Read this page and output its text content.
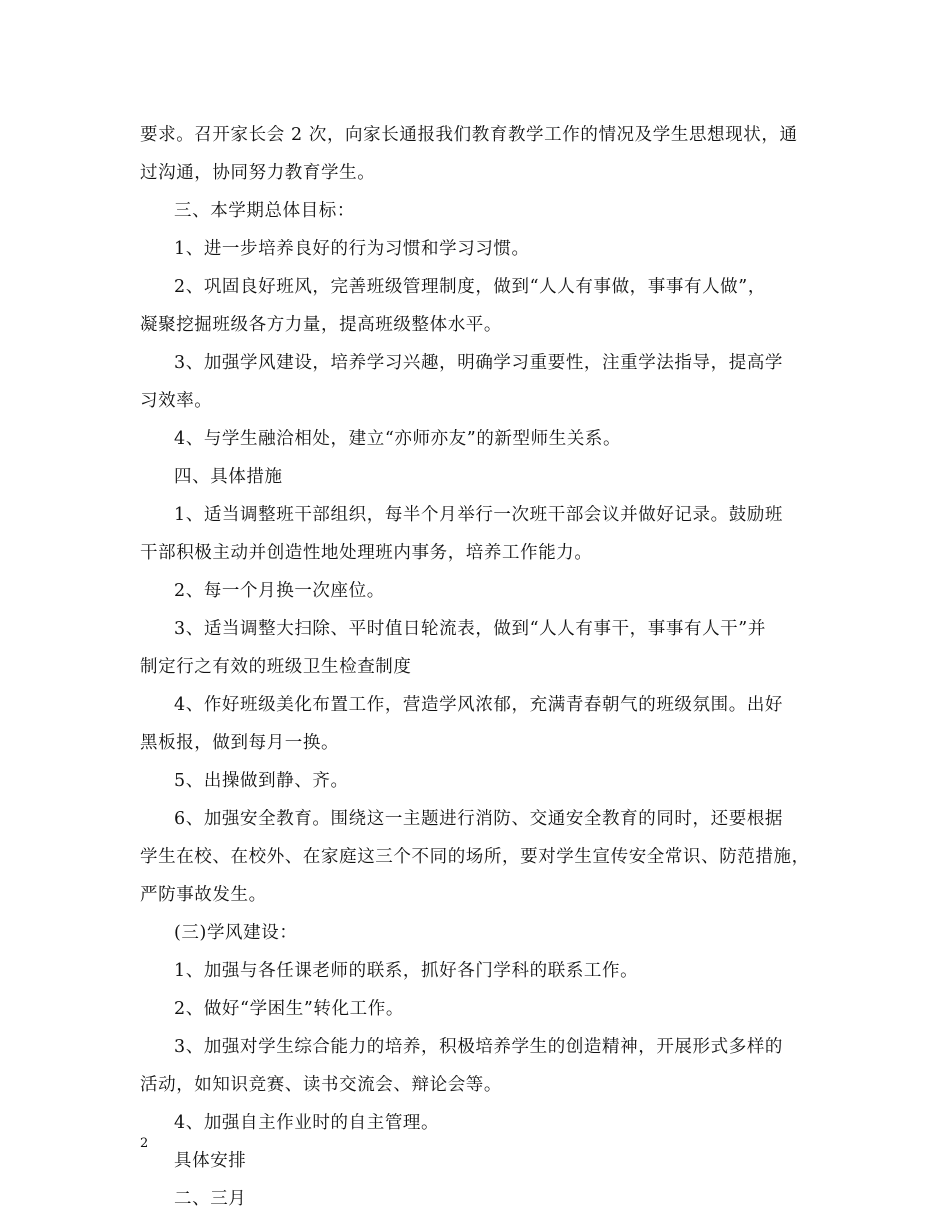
要求。召开家长会 2 次，向家长通报我们教育教学工作的情况及学生思想现状，通
过沟通，协同努力教育学生。
三、本学期总体目标：
1、进一步培养良好的行为习惯和学习习惯。
2、巩固良好班风，完善班级管理制度，做到“人人有事做，事事有人做”，
凝聚挖掘班级各方力量，提高班级整体水平。
3、加强学风建设，培养学习兴趣，明确学习重要性，注重学法指导，提高学
习效率。
4、与学生融洽相处，建立“亦师亦友”的新型师生关系。
四、具体措施
1、适当调整班干部组织，每半个月举行一次班干部会议并做好记录。鼓励班
干部积极主动并创造性地处理班内事务，培养工作能力。
2、每一个月换一次座位。
3、适当调整大扫除、平时值日轮流表，做到“人人有事干，事事有人干”并
制定行之有效的班级卫生检查制度
4、作好班级美化布置工作，营造学风浓郁，充满青春朝气的班级氛围。出好
黑板报，做到每月一换。
5、出操做到静、齐。
6、加强安全教育。围绕这一主题进行消防、交通安全教育的同时，还要根据
学生在校、在校外、在家庭这三个不同的场所，要对学生宣传安全常识、防范措施，
严防事故发生。
(三)学风建设：
1、加强与各任课老师的联系，抓好各门学科的联系工作。
2、做好“学困生”转化工作。
3、加强对学生综合能力的培养，积极培养学生的创造精神，开展形式多样的
活动，如知识竞赛、读书交流会、辩论会等。
4、加强自主作业时的自主管理。
具体安排
二、三月
2
